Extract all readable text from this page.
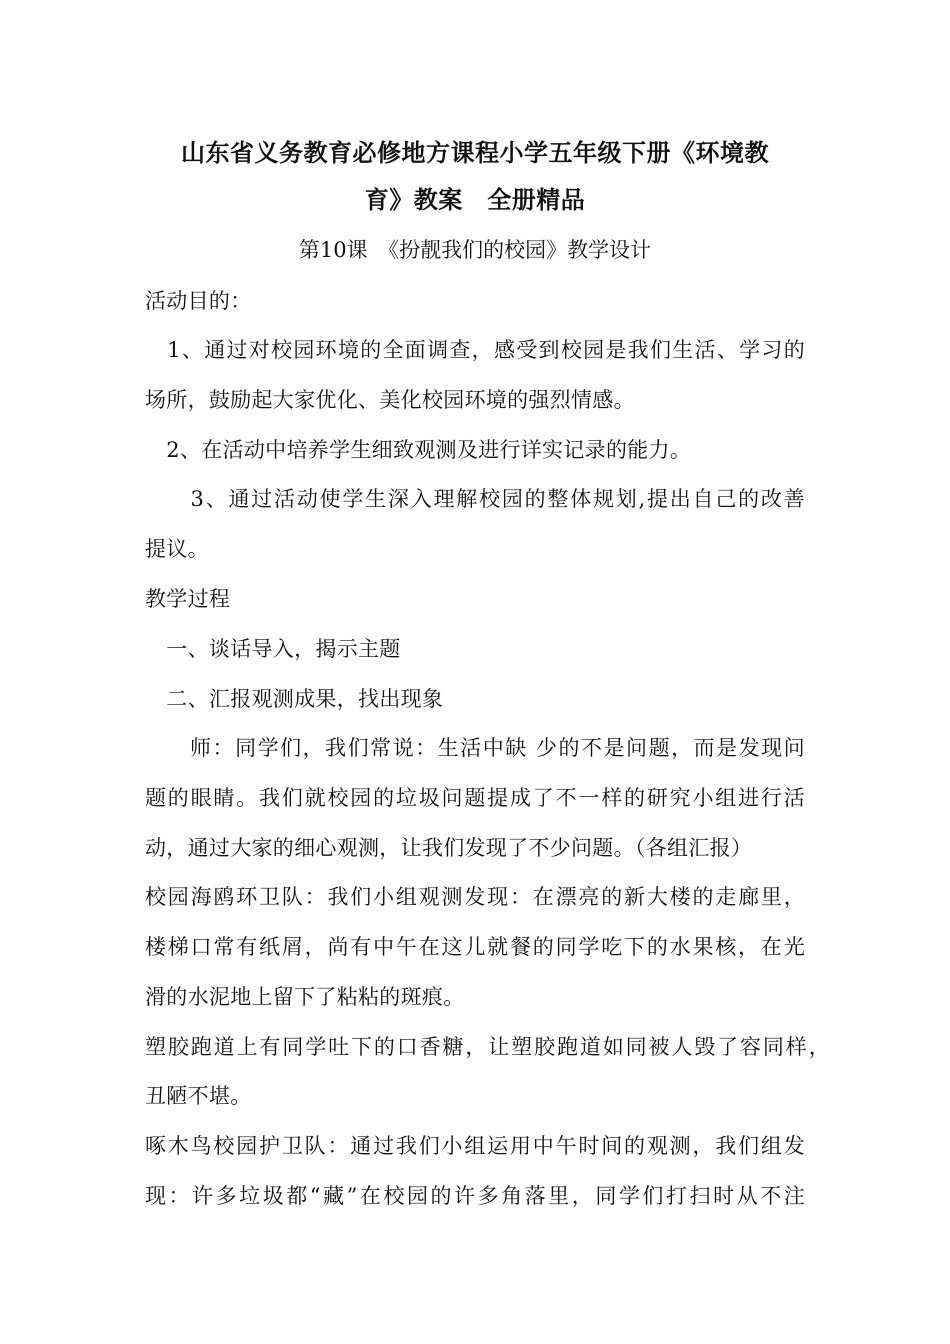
山东省义务教育必修地方课程小学五年级下册《环境教
育》教案　全册精品
第10课　《扮靓我们的校园》教学设计
活动目的：
　1、通过对校园环境的全面调查，感受到校园是我们生活、学习的
场所，鼓励起大家优化、美化校园环境的强烈情感。
　2、在活动中培养学生细致观测及进行详实记录的能力。
　　3、通过活动使学生深入理解校园的整体规划,提出自己的改善
提议。
教学过程
　一、谈话导入，揭示主题
　二、汇报观测成果，找出现象
　　师：同学们，我们常说：生活中缺 少的不是问题，而是发现问
题的眼睛。我们就校园的垃圾问题提成了不一样的研究小组进行活
动，通过大家的细心观测，让我们发现了不少问题。（各组汇报）
校园海鸥环卫队：我们小组观测发现：在漂亮的新大楼的走廊里，
楼梯口常有纸屑，尚有中午在这儿就餐的同学吃下的水果核，在光
滑的水泥地上留下了粘粘的斑痕。
塑胶跑道上有同学吐下的口香糖，让塑胶跑道如同被人毁了容同样，
丑陋不堪。
啄木鸟校园护卫队：通过我们小组运用中午时间的观测，我们组发
现：许多垃圾都“藏”在校园的许多角落里，同学们打扫时从不注
